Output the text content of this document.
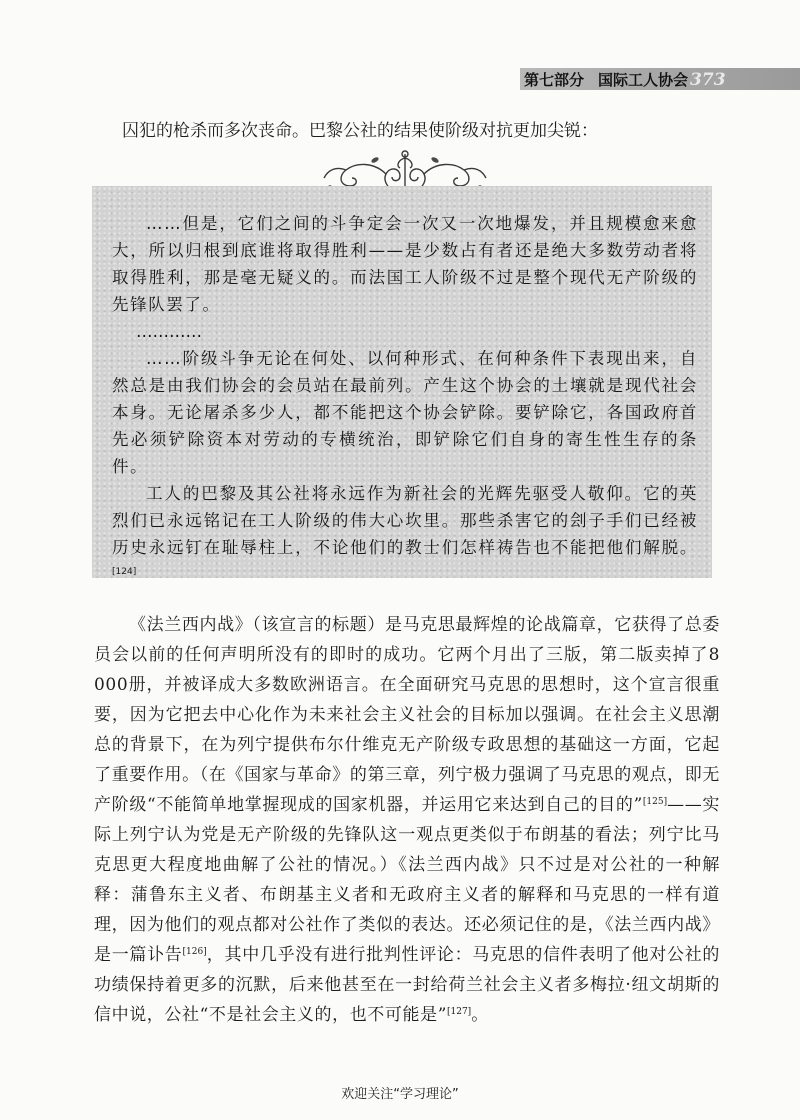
第七部分 国际工人协会 373
囚犯的枪杀而多次丧命。巴黎公社的结果使阶级对抗更加尖锐：

……但是，它们之间的斗争定会一次又一次地爆发，并且规模愈来愈大，所以归根到底谁将取得胜利——是少数占有者还是绝大多数劳动者将取得胜利，那是毫无疑义的。而法国工人阶级不过是整个现代无产阶级的先锋队罢了。

…………

……阶级斗争无论在何处、以何种形式、在何种条件下表现出来，自然总是由我们协会的会员站在最前列。产生这个协会的土壤就是现代社会本身。无论屠杀多少人，都不能把这个协会铲除。要铲除它，各国政府首先必须铲除资本对劳动的专横统治，即铲除它们自身的寄生性生存的条件。

工人的巴黎及其公社将永远作为新社会的光辉先驱受人敬仰。它的英烈们已永远铭记在工人阶级的伟大心坎里。那些杀害它的刽子手们已经被历史永远钉在耻辱柱上，不论他们的教士们怎样祷告也不能把他们解脱。[124]

《法兰西内战》（该宣言的标题）是马克思最辉煌的论战篇章，它获得了总委员会以前的任何声明所没有的即时的成功。它两个月出了三版，第二版卖掉了8 000册，并被译成大多数欧洲语言。在全面研究马克思的思想时，这个宣言很重要，因为它把去中心化作为未来社会主义社会的目标加以强调。在社会主义思潮总的背景下，在为列宁提供布尔什维克无产阶级专政思想的基础这一方面，它起了重要作用。（在《国家与革命》的第三章，列宁极力强调了马克思的观点，即无产阶级“不能简单地掌握现成的国家机器，并运用它来达到自己的目的”[125]——实际上列宁认为党是无产阶级的先锋队这一观点更类似于布朗基的看法；列宁比马克思更大程度地曲解了公社的情况。）《法兰西内战》只不过是对公社的一种解释：蒲鲁东主义者、布朗基主义者和无政府主义者的解释和马克思的一样有道理，因为他们的观点都对公社作了类似的表达。还必须记住的是，《法兰西内战》是一篇讣告[126]，其中几乎没有进行批判性评论：马克思的信件表明了他对公社的功绩保持着更多的沉默，后来他甚至在一封给荷兰社会主义者多梅拉·纽文胡斯的信中说，公社“不是社会主义的，也不可能是”[127]。

欢迎关注“学习理论”
